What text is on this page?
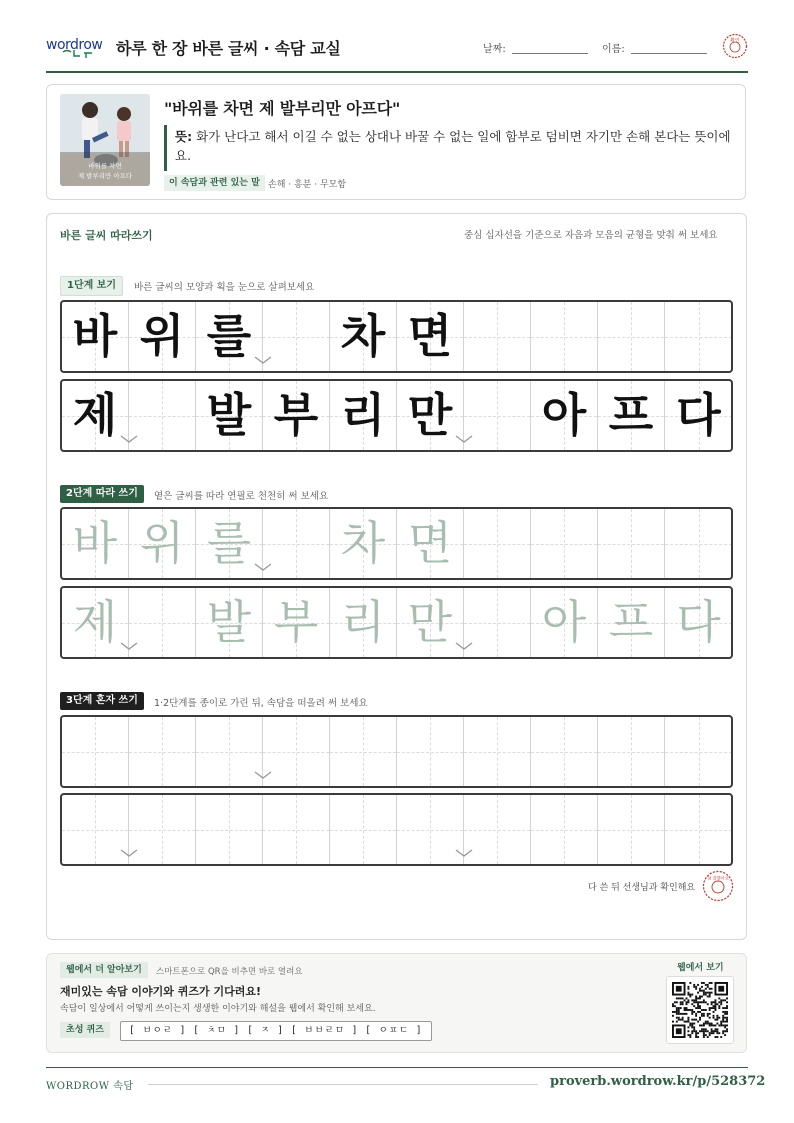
wordrow 하루 한 장 바른 글씨 · 속담 교실	날짜:	이름:
확인
바위를 차면
제 발부리만 아프다
"바위를 차면 제 발부리만 아프다"
뜻: 화가 난다고 해서 이길 수 없는 상대나 바꿀 수 없는 일에 함부로 덤비면 자기만 손해 본다는 뜻이에요.
이 속담과 관련 있는 말 손해 · 흥분 · 무모함
바른 글씨 따라쓰기	중심 십자선을 기준으로 자음과 모음의 균형을 맞춰 써 보세요
1단계 보기	바른 글씨의 모양과 획을 눈으로 살펴보세요
바 위 를 차 면
제 발 부 리 만 아 프 다
2단계 따라 쓰기	옅은 글씨를 따라 연필로 천천히 써 보세요
바 위 를 차 면
제 발 부 리 만 아 프 다
3단계 혼자 쓰기	1·2단계를 종이로 가린 뒤, 속담을 떠올려 써 보세요
다 쓴 뒤 선생님과 확인해요
참 잘했어요
웹에서 더 알아보기	스마트폰으로 QR을 비추면 바로 열려요
재미있는 속담 이야기와 퀴즈가 기다려요!
속담이 일상에서 어떻게 쓰이는지 생생한 이야기와 해설을 웹에서 확인해 보세요.
초성 퀴즈	[ ㅂㅇㄹ ] [ ㅊㅁ ] [ ㅈ ] [ ㅂㅂㄹㅁ ] [ ㅇㅍㄷ ]
웹에서 보기
WORDROW 속담	proverb.wordrow.kr/p/528372
